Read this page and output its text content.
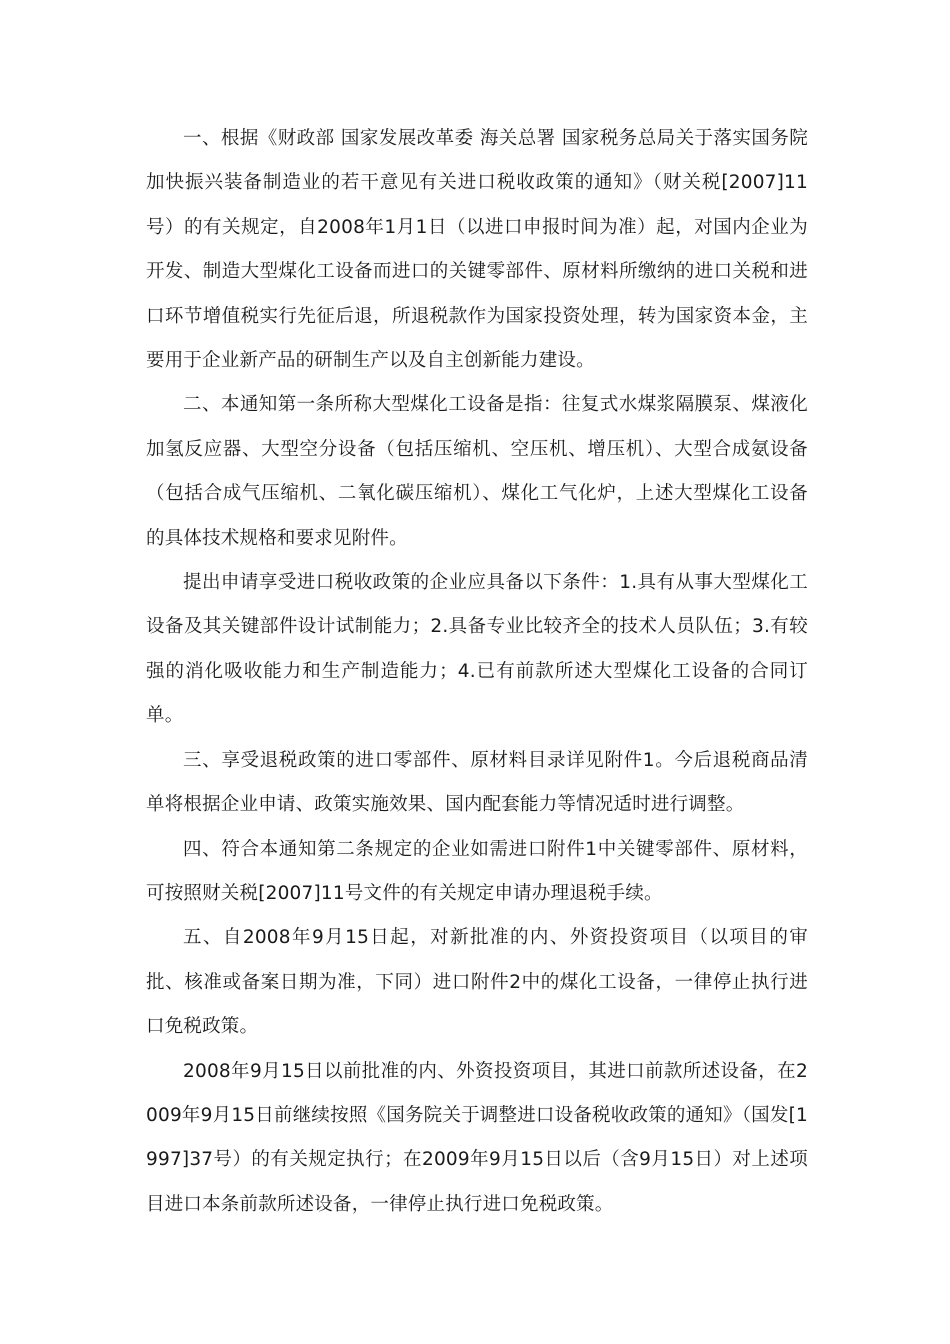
一、根据《财政部 国家发展改革委 海关总署 国家税务总局关于落实国务院加快振兴装备制造业的若干意见有关进口税收政策的通知》（财关税[2007]11号）的有关规定，自2008年1月1日（以进口申报时间为准）起，对国内企业为开发、制造大型煤化工设备而进口的关键零部件、原材料所缴纳的进口关税和进口环节增值税实行先征后退，所退税款作为国家投资处理，转为国家资本金，主要用于企业新产品的研制生产以及自主创新能力建设。

二、本通知第一条所称大型煤化工设备是指：往复式水煤浆隔膜泵、煤液化加氢反应器、大型空分设备（包括压缩机、空压机、增压机）、大型合成氨设备（包括合成气压缩机、二氧化碳压缩机）、煤化工气化炉，上述大型煤化工设备的具体技术规格和要求见附件。

提出申请享受进口税收政策的企业应具备以下条件：1.具有从事大型煤化工设备及其关键部件设计试制能力；2.具备专业比较齐全的技术人员队伍；3.有较强的消化吸收能力和生产制造能力；4.已有前款所述大型煤化工设备的合同订单。

三、享受退税政策的进口零部件、原材料目录详见附件1。今后退税商品清单将根据企业申请、政策实施效果、国内配套能力等情况适时进行调整。

四、符合本通知第二条规定的企业如需进口附件1中关键零部件、原材料，可按照财关税[2007]11号文件的有关规定申请办理退税手续。

五、自2008年9月15日起，对新批准的内、外资投资项目（以项目的审批、核准或备案日期为准，下同）进口附件2中的煤化工设备，一律停止执行进口免税政策。

2008年9月15日以前批准的内、外资投资项目，其进口前款所述设备，在2009年9月15日前继续按照《国务院关于调整进口设备税收政策的通知》（国发[1997]37号）的有关规定执行；在2009年9月15日以后（含9月15日）对上述项目进口本条前款所述设备，一律停止执行进口免税政策。
